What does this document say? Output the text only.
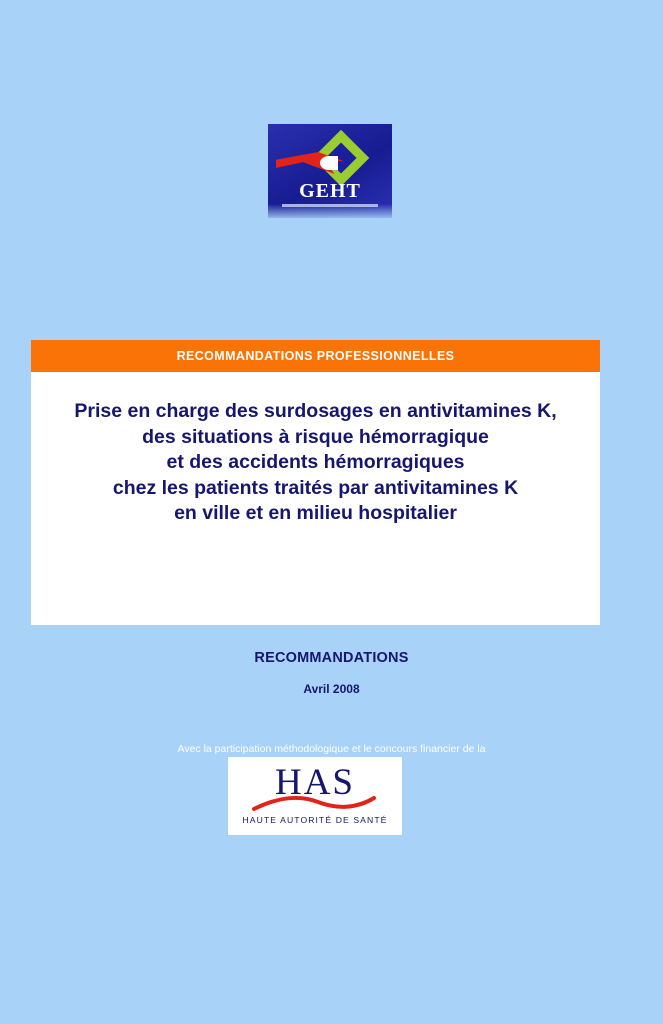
GEHT
RECOMMANDATIONS PROFESSIONNELLES
Prise en charge des surdosages en antivitamines K,
des situations à risque hémorragique
et des accidents hémorragiques
chez les patients traités par antivitamines K
en ville et en milieu hospitalier
RECOMMANDATIONS
Avril 2008
Avec la participation méthodologique et le concours financier de la
HAS
HAUTE AUTORITÉ DE SANTÉ
